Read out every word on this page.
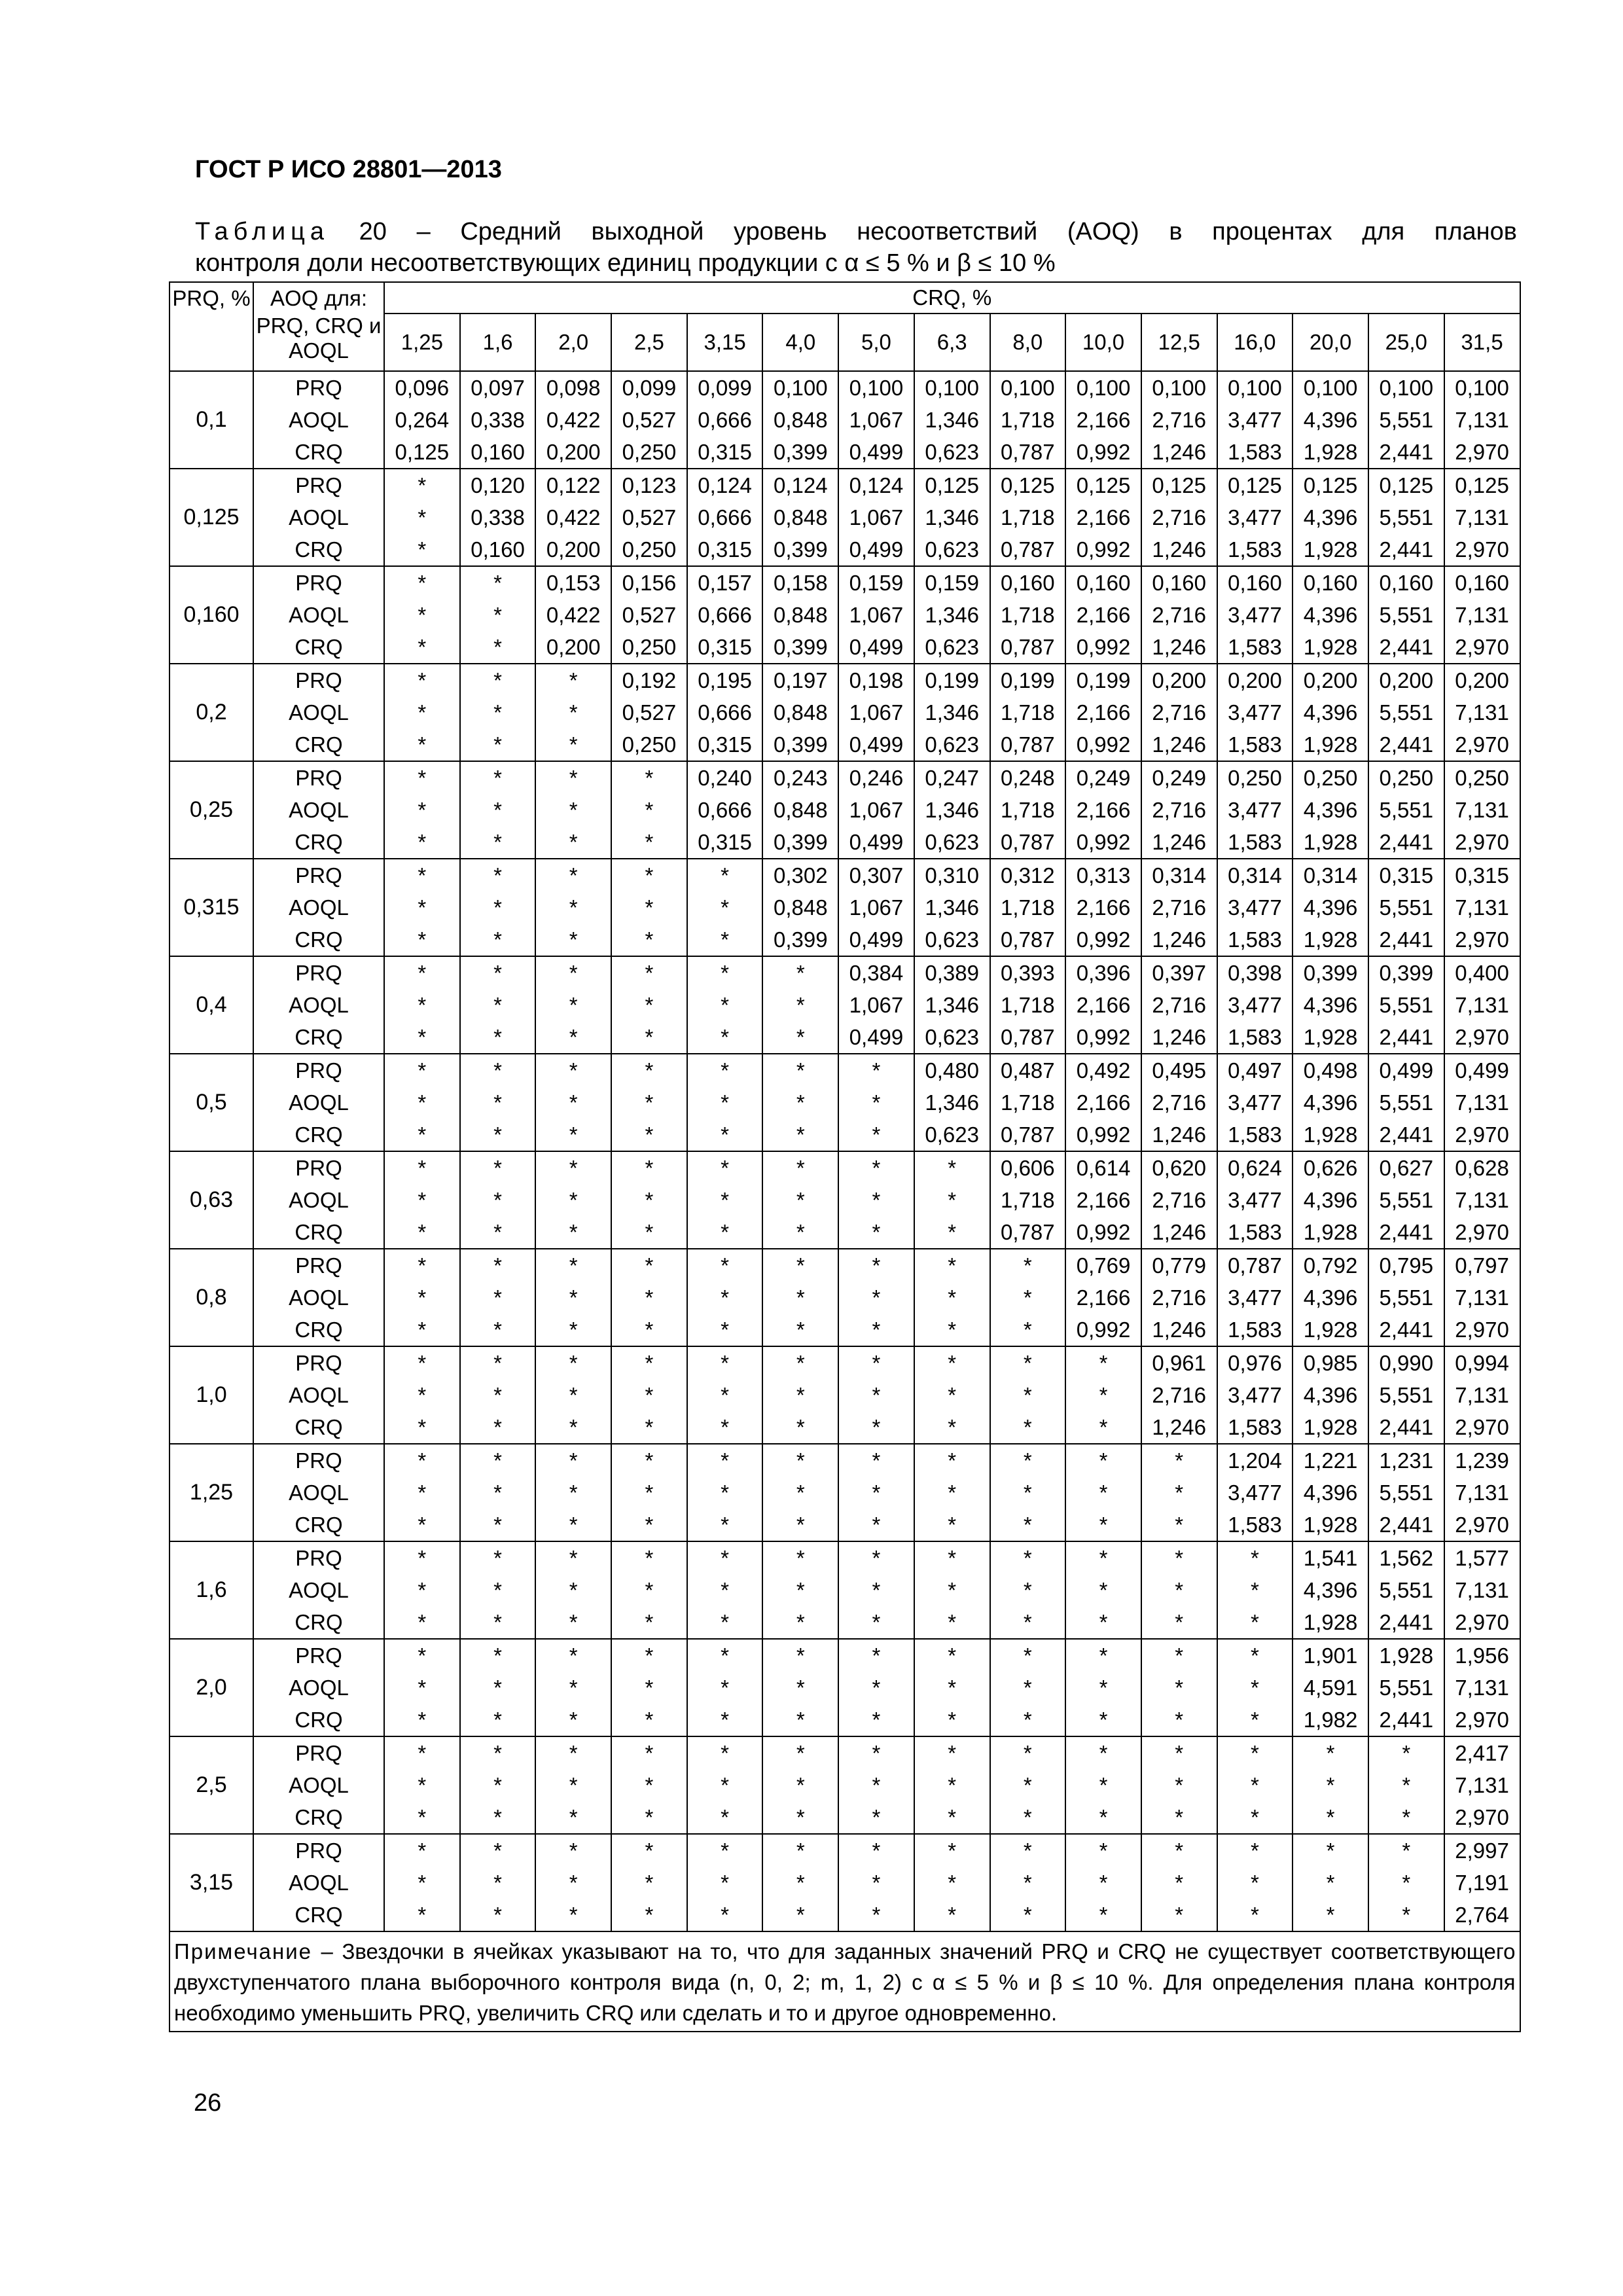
ГОСТ Р ИСО 28801—2013
Таблица 20 – Средний выходной уровень несоответствий (AOQ) в процентах для планов
контроля доли несоответствующих единиц продукции с α ≤ 5 % и β ≤ 10 %
PRQ, %	AOQ для:	CRQ, %														
	PRQ, CRQ и AOQL	1,25	1,6	2,0	2,5	3,15	4,0	5,0	6,3	8,0	10,0	12,5	16,0	20,0	25,0	31,5
0,1	PRQ	0,096	0,097	0,098	0,099	0,099	0,100	0,100	0,100	0,100	0,100	0,100	0,100	0,100	0,100	0,100
	AOQL	0,264	0,338	0,422	0,527	0,666	0,848	1,067	1,346	1,718	2,166	2,716	3,477	4,396	5,551	7,131
	CRQ	0,125	0,160	0,200	0,250	0,315	0,399	0,499	0,623	0,787	0,992	1,246	1,583	1,928	2,441	2,970
0,125	PRQ	*	0,120	0,122	0,123	0,124	0,124	0,124	0,125	0,125	0,125	0,125	0,125	0,125	0,125	0,125
	AOQL	*	0,338	0,422	0,527	0,666	0,848	1,067	1,346	1,718	2,166	2,716	3,477	4,396	5,551	7,131
	CRQ	*	0,160	0,200	0,250	0,315	0,399	0,499	0,623	0,787	0,992	1,246	1,583	1,928	2,441	2,970
0,160	PRQ	*	*	0,153	0,156	0,157	0,158	0,159	0,159	0,160	0,160	0,160	0,160	0,160	0,160	0,160
	AOQL	*	*	0,422	0,527	0,666	0,848	1,067	1,346	1,718	2,166	2,716	3,477	4,396	5,551	7,131
	CRQ	*	*	0,200	0,250	0,315	0,399	0,499	0,623	0,787	0,992	1,246	1,583	1,928	2,441	2,970
0,2	PRQ	*	*	*	0,192	0,195	0,197	0,198	0,199	0,199	0,199	0,200	0,200	0,200	0,200	0,200
	AOQL	*	*	*	0,527	0,666	0,848	1,067	1,346	1,718	2,166	2,716	3,477	4,396	5,551	7,131
	CRQ	*	*	*	0,250	0,315	0,399	0,499	0,623	0,787	0,992	1,246	1,583	1,928	2,441	2,970
0,25	PRQ	*	*	*	*	0,240	0,243	0,246	0,247	0,248	0,249	0,249	0,250	0,250	0,250	0,250
	AOQL	*	*	*	*	0,666	0,848	1,067	1,346	1,718	2,166	2,716	3,477	4,396	5,551	7,131
	CRQ	*	*	*	*	0,315	0,399	0,499	0,623	0,787	0,992	1,246	1,583	1,928	2,441	2,970
0,315	PRQ	*	*	*	*	*	0,302	0,307	0,310	0,312	0,313	0,314	0,314	0,314	0,315	0,315
	AOQL	*	*	*	*	*	0,848	1,067	1,346	1,718	2,166	2,716	3,477	4,396	5,551	7,131
	CRQ	*	*	*	*	*	0,399	0,499	0,623	0,787	0,992	1,246	1,583	1,928	2,441	2,970
0,4	PRQ	*	*	*	*	*	*	0,384	0,389	0,393	0,396	0,397	0,398	0,399	0,399	0,400
	AOQL	*	*	*	*	*	*	1,067	1,346	1,718	2,166	2,716	3,477	4,396	5,551	7,131
	CRQ	*	*	*	*	*	*	0,499	0,623	0,787	0,992	1,246	1,583	1,928	2,441	2,970
0,5	PRQ	*	*	*	*	*	*	*	0,480	0,487	0,492	0,495	0,497	0,498	0,499	0,499
	AOQL	*	*	*	*	*	*	*	1,346	1,718	2,166	2,716	3,477	4,396	5,551	7,131
	CRQ	*	*	*	*	*	*	*	0,623	0,787	0,992	1,246	1,583	1,928	2,441	2,970
0,63	PRQ	*	*	*	*	*	*	*	*	0,606	0,614	0,620	0,624	0,626	0,627	0,628
	AOQL	*	*	*	*	*	*	*	*	1,718	2,166	2,716	3,477	4,396	5,551	7,131
	CRQ	*	*	*	*	*	*	*	*	0,787	0,992	1,246	1,583	1,928	2,441	2,970
0,8	PRQ	*	*	*	*	*	*	*	*	*	0,769	0,779	0,787	0,792	0,795	0,797
	AOQL	*	*	*	*	*	*	*	*	*	2,166	2,716	3,477	4,396	5,551	7,131
	CRQ	*	*	*	*	*	*	*	*	*	0,992	1,246	1,583	1,928	2,441	2,970
1,0	PRQ	*	*	*	*	*	*	*	*	*	*	0,961	0,976	0,985	0,990	0,994
	AOQL	*	*	*	*	*	*	*	*	*	*	2,716	3,477	4,396	5,551	7,131
	CRQ	*	*	*	*	*	*	*	*	*	*	1,246	1,583	1,928	2,441	2,970
1,25	PRQ	*	*	*	*	*	*	*	*	*	*	*	1,204	1,221	1,231	1,239
	AOQL	*	*	*	*	*	*	*	*	*	*	*	3,477	4,396	5,551	7,131
	CRQ	*	*	*	*	*	*	*	*	*	*	*	1,583	1,928	2,441	2,970
1,6	PRQ	*	*	*	*	*	*	*	*	*	*	*	*	1,541	1,562	1,577
	AOQL	*	*	*	*	*	*	*	*	*	*	*	*	4,396	5,551	7,131
	CRQ	*	*	*	*	*	*	*	*	*	*	*	*	1,928	2,441	2,970
2,0	PRQ	*	*	*	*	*	*	*	*	*	*	*	*	1,901	1,928	1,956
	AOQL	*	*	*	*	*	*	*	*	*	*	*	*	4,591	5,551	7,131
	CRQ	*	*	*	*	*	*	*	*	*	*	*	*	1,982	2,441	2,970
2,5	PRQ	*	*	*	*	*	*	*	*	*	*	*	*	*	*	2,417
	AOQL	*	*	*	*	*	*	*	*	*	*	*	*	*	*	7,131
	CRQ	*	*	*	*	*	*	*	*	*	*	*	*	*	*	2,970
3,15	PRQ	*	*	*	*	*	*	*	*	*	*	*	*	*	*	2,997
	AOQL	*	*	*	*	*	*	*	*	*	*	*	*	*	*	7,191
	CRQ	*	*	*	*	*	*	*	*	*	*	*	*	*	*	2,764
Примечание – Звездочки в ячейках указывают на то, что для заданных значений PRQ и CRQ не существует соответствующего двухступенчатого плана выборочного контроля вида (n, 0, 2; m, 1, 2) с α ≤ 5 % и β ≤ 10 %. Для определения плана контроля необходимо уменьшить PRQ, увеличить CRQ или сделать и то и другое одновременно.																
26
